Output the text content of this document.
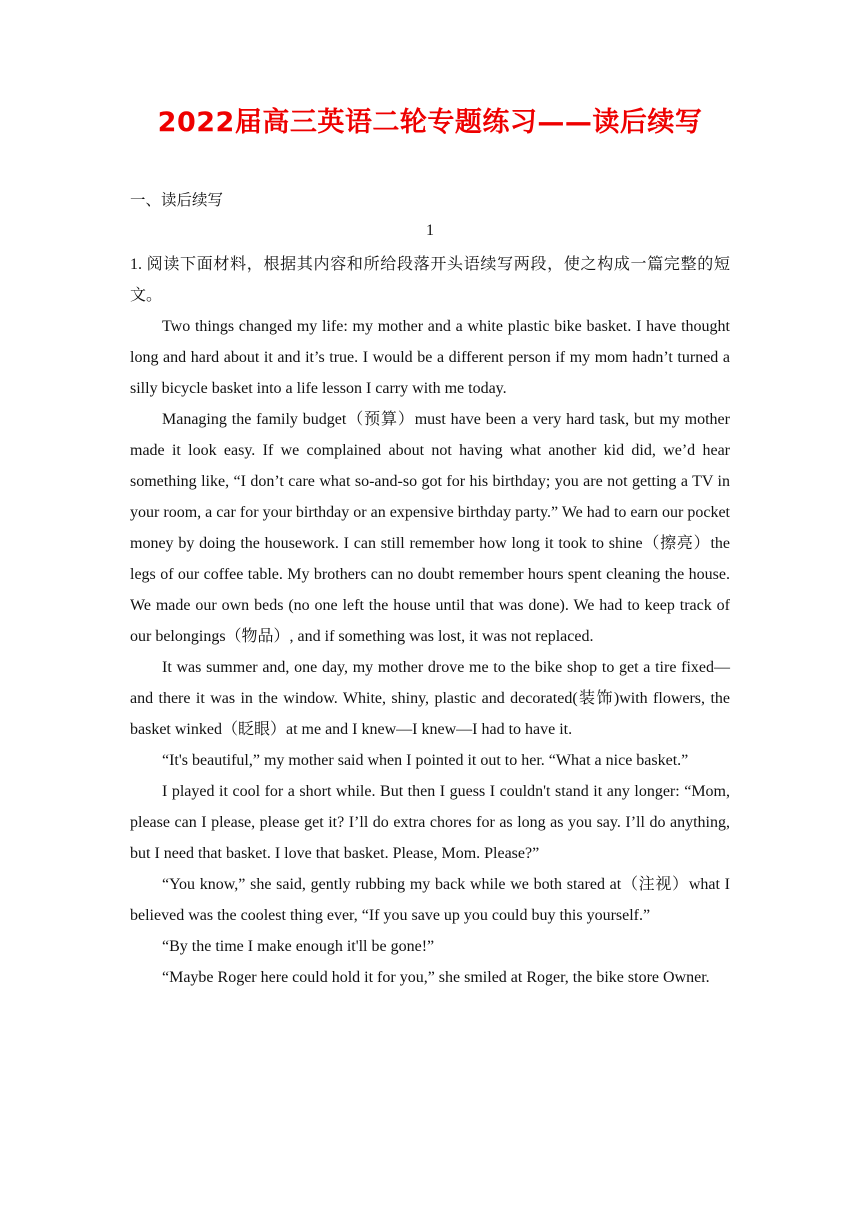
2022届高三英语二轮专题练习——读后续写
一、读后续写
1

1. 阅读下面材料，根据其内容和所给段落开头语续写两段，使之构成一篇完整的短文。

Two things changed my life: my mother and a white plastic bike basket. I have thought long and hard about it and it’s true. I would be a different person if my mom hadn’t turned a silly bicycle basket into a life lesson I carry with me today.

Managing the family budget（预算）must have been a very hard task, but my mother made it look easy. If we complained about not having what another kid did, we’d hear something like, “I don’t care what so-and-so got for his birthday; you are not getting a TV in your room, a car for your birthday or an expensive birthday party.” We had to earn our pocket money by doing the housework. I can still remember how long it took to shine（擦亮）the legs of our coffee table. My brothers can no doubt remember hours spent cleaning the house. We made our own beds (no one left the house until that was done). We had to keep track of our belongings（物品）, and if something was lost, it was not replaced.

It was summer and, one day, my mother drove me to the bike shop to get a tire fixed—and there it was in the window. White, shiny, plastic and decorated(装饰)with flowers, the basket winked（眨眼）at me and I knew—I knew—I had to have it.

“It's beautiful,” my mother said when I pointed it out to her. “What a nice basket.”

I played it cool for a short while. But then I guess I couldn't stand it any longer: “Mom, please can I please, please get it? I’ll do extra chores for as long as you say. I’ll do anything, but I need that basket. I love that basket. Please, Mom. Please?”

“You know,” she said, gently rubbing my back while we both stared at（注视）what I believed was the coolest thing ever, “If you save up you could buy this yourself.”

“By the time I make enough it'll be gone!”

“Maybe Roger here could hold it for you,” she smiled at Roger, the bike store Owner.
